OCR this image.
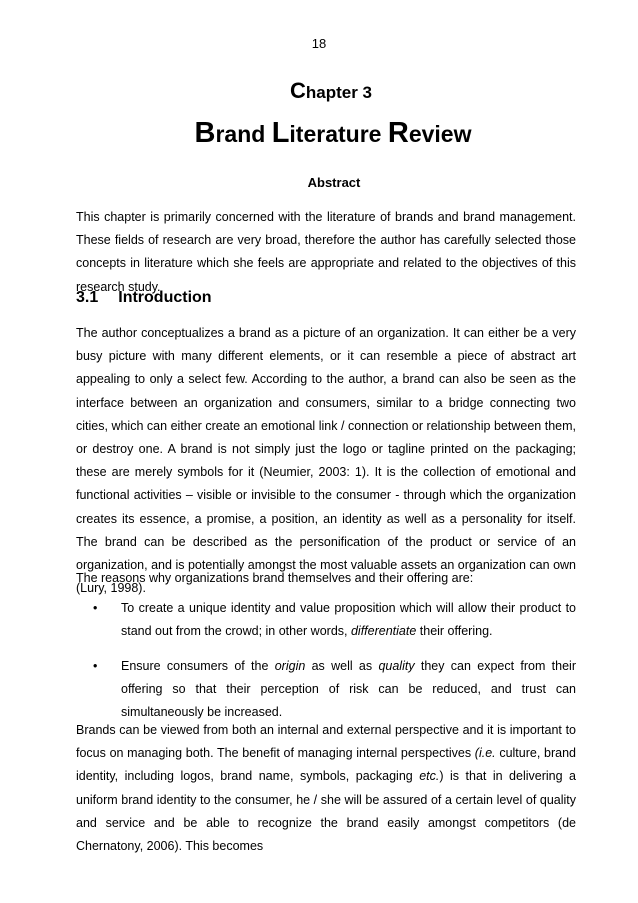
18
Chapter 3
Brand Literature Review
Abstract

This chapter is primarily concerned with the literature of brands and brand management. These fields of research are very broad, therefore the author has carefully selected those concepts in literature which she feels are appropriate and related to the objectives of this research study.

3.1 Introduction

The author conceptualizes a brand as a picture of an organization. It can either be a very busy picture with many different elements, or it can resemble a piece of abstract art appealing to only a select few. According to the author, a brand can also be seen as the interface between an organization and consumers, similar to a bridge connecting two cities, which can either create an emotional link / connection or relationship between them, or destroy one. A brand is not simply just the logo or tagline printed on the packaging; these are merely symbols for it (Neumier, 2003: 1). It is the collection of emotional and functional activities – visible or invisible to the consumer - through which the organization creates its essence, a promise, a position, an identity as well as a personality for itself. The brand can be described as the personification of the product or service of an organization, and is potentially amongst the most valuable assets an organization can own (Lury, 1998).

The reasons why organizations brand themselves and their offering are:

•	To create a unique identity and value proposition which will allow their product to stand out from the crowd; in other words, differentiate their offering.
•	Ensure consumers of the origin as well as quality they can expect from their offering so that their perception of risk can be reduced, and trust can simultaneously be increased.

Brands can be viewed from both an internal and external perspective and it is important to focus on managing both. The benefit of managing internal perspectives (i.e. culture, brand identity, including logos, brand name, symbols, packaging etc.) is that in delivering a uniform brand identity to the consumer, he / she will be assured of a certain level of quality and service and be able to recognize the brand easily amongst competitors (de Chernatony, 2006). This becomes
